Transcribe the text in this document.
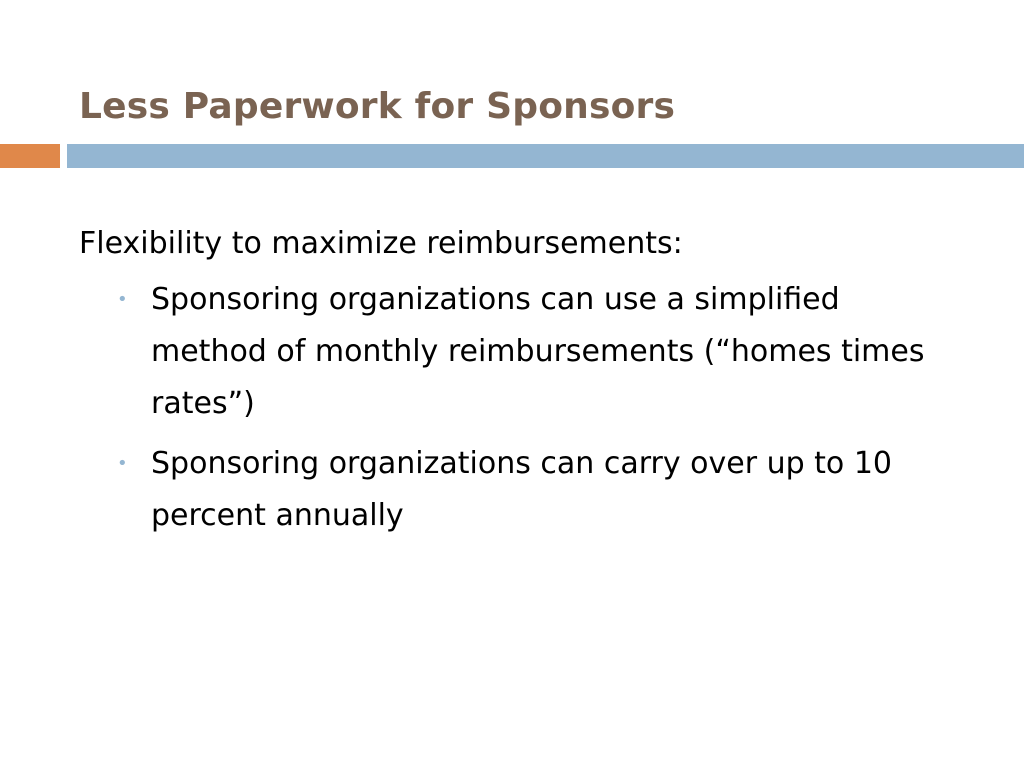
Less Paperwork for Sponsors

Flexibility to maximize reimbursements:

• Sponsoring organizations can use a simplified method of monthly reimbursements (“homes times rates”)
• Sponsoring organizations can carry over up to 10 percent annually
